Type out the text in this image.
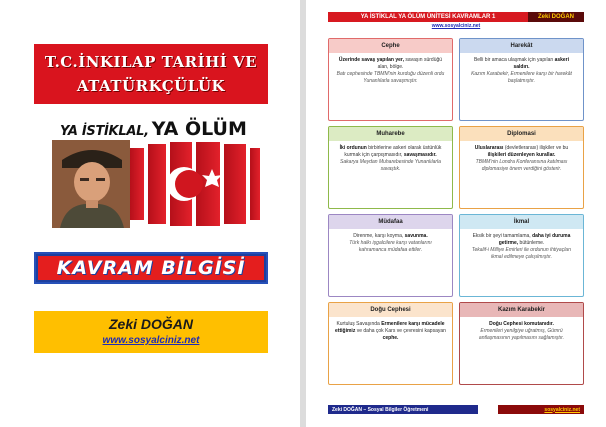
T.C.İNKILAP TARİHİ VE
ATATÜRKÇÜLÜK
YA İSTİKLAL, YA ÖLÜM
KAVRAM BİLGİSİ
Zeki DOĞAN
www.sosyalciniz.net
YA İSTİKLAL YA ÖLÜM ÜNİTESİ KAVRAMLAR 1	Zeki DOĞAN
www.sosyalciniz.net
Cephe
Üzerinde savaş yapılan yer, savaşın sürdüğü alan, bölge.
Batı cephesinde TBMM'nin kurduğu düzenli ordu Yunanlılarla savaşmıştır.
Harekât
Belli bir amaca ulaşmak için yapılan askeri saldırı.
Kazım Karabekir, Ermenilere karşı bir harekât başlatmıştır.
Muharebe
İki ordunun birbirlerine askeri olarak üstünlük kurmak için çarpışmasıdır, savaşmasıdır.
Sakarya Meydan Muharebesinde Yunanlılarla savaştık.
Diplomasi
Uluslararası (devletlerarası) ilişkiler ve bu ilişkileri düzenleyen kurallar.
TBMM'nin Londra Konferansına katılması diplomasiye önem verdiğini gösterir.
Müdafaa
Direnme, karşı koyma, savunma.
Türk halkı işgalcilere karşı vatanlarını kahramanca müdafaa ettiler.
İkmal
Eksik bir şeyi tamamlama, daha iyi duruma getirme, bütünleme.
Tekalif-i Milliye Emirleri ile ordunun ihtiyaçları ikmal edilmeye çalışılmıştır.
Doğu Cephesi
Kurtuluş Savaşında Ermenilere karşı mücadele ettiğimiz ve daha çok Kars ve çevresini kapsayan cephe.
Kazım Karabekir
Doğu Cephesi komutanıdır.
Ermenileri yenilgiye uğratmış, Gümrü antlaşmasının yapılmasını sağlamıştır.
Zeki DOĞAN – Sosyal Bilgiler Öğretmeni	sosyalciniz.net
